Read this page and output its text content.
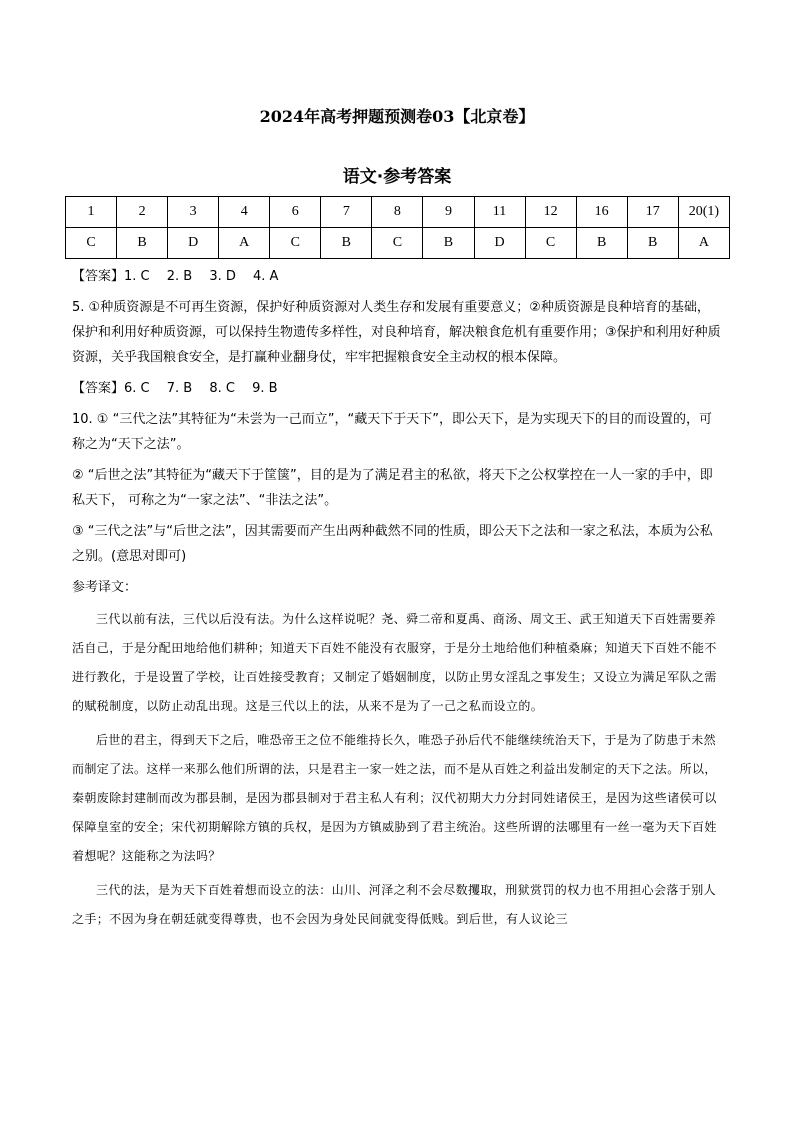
2024年高考押题预测卷03【北京卷】
语文·参考答案
1	2	3	4	6	7	8	9	11	12	16	17	20(1)
C	B	D	A	C	B	C	B	D	C	B	B	A

【答案】1. C　 2. B　 3. D　 4. A

5. ①种质资源是不可再生资源，保护好种质资源对人类生存和发展有重要意义；②种质资源是良种培育的基础，保护和利用好种质资源，可以保持生物遗传多样性，对良种培育，解决粮食危机有重要作用；③保护和利用好种质资源，关乎我国粮食安全，是打赢种业翻身仗，牢牢把握粮食安全主动权的根本保障。

【答案】6. C　 7. B　 8. C　 9. B

10. ① “三代之法”其特征为“未尝为一己而立”，“藏天下于天下”，即公天下，是为实现天下的目的而设置的，可称之为“天下之法”。

② “后世之法”其特征为“藏天下于筐箧”，目的是为了满足君主的私欲，将天下之公权掌控在一人一家的手中，即私天下， 可称之为“一家之法”、“非法之法”。

③ “三代之法”与“后世之法”，因其需要而产生出两种截然不同的性质，即公天下之法和一家之私法，本质为公私之别。(意思对即可)

参考译文：

三代以前有法，三代以后没有法。为什么这样说呢？尧、舜二帝和夏禹、商汤、周文王、武王知道天下百姓需要养活自己，于是分配田地给他们耕种；知道天下百姓不能没有衣服穿，于是分土地给他们种植桑麻；知道天下百姓不能不进行教化，于是设置了学校，让百姓接受教育；又制定了婚姻制度，以防止男女淫乱之事发生；又设立为满足军队之需的赋税制度，以防止动乱出现。这是三代以上的法，从来不是为了一己之私而设立的。

后世的君主，得到天下之后，唯恐帝王之位不能维持长久，唯恐子孙后代不能继续统治天下，于是为了防患于未然而制定了法。这样一来那么他们所谓的法，只是君主一家一姓之法，而不是从百姓之利益出发制定的天下之法。所以，秦朝废除封建制而改为郡县制，是因为郡县制对于君主私人有利；汉代初期大力分封同姓诸侯王，是因为这些诸侯可以保障皇室的安全；宋代初期解除方镇的兵权，是因为方镇威胁到了君主统治。这些所谓的法哪里有一丝一毫为天下百姓着想呢？这能称之为法吗？

三代的法，是为天下百姓着想而设立的法：山川、河泽之利不会尽数攫取，刑狱赏罚的权力也不用担心会落于别人之手；不因为身在朝廷就变得尊贵，也不会因为身处民间就变得低贱。到后世，有人议论三
